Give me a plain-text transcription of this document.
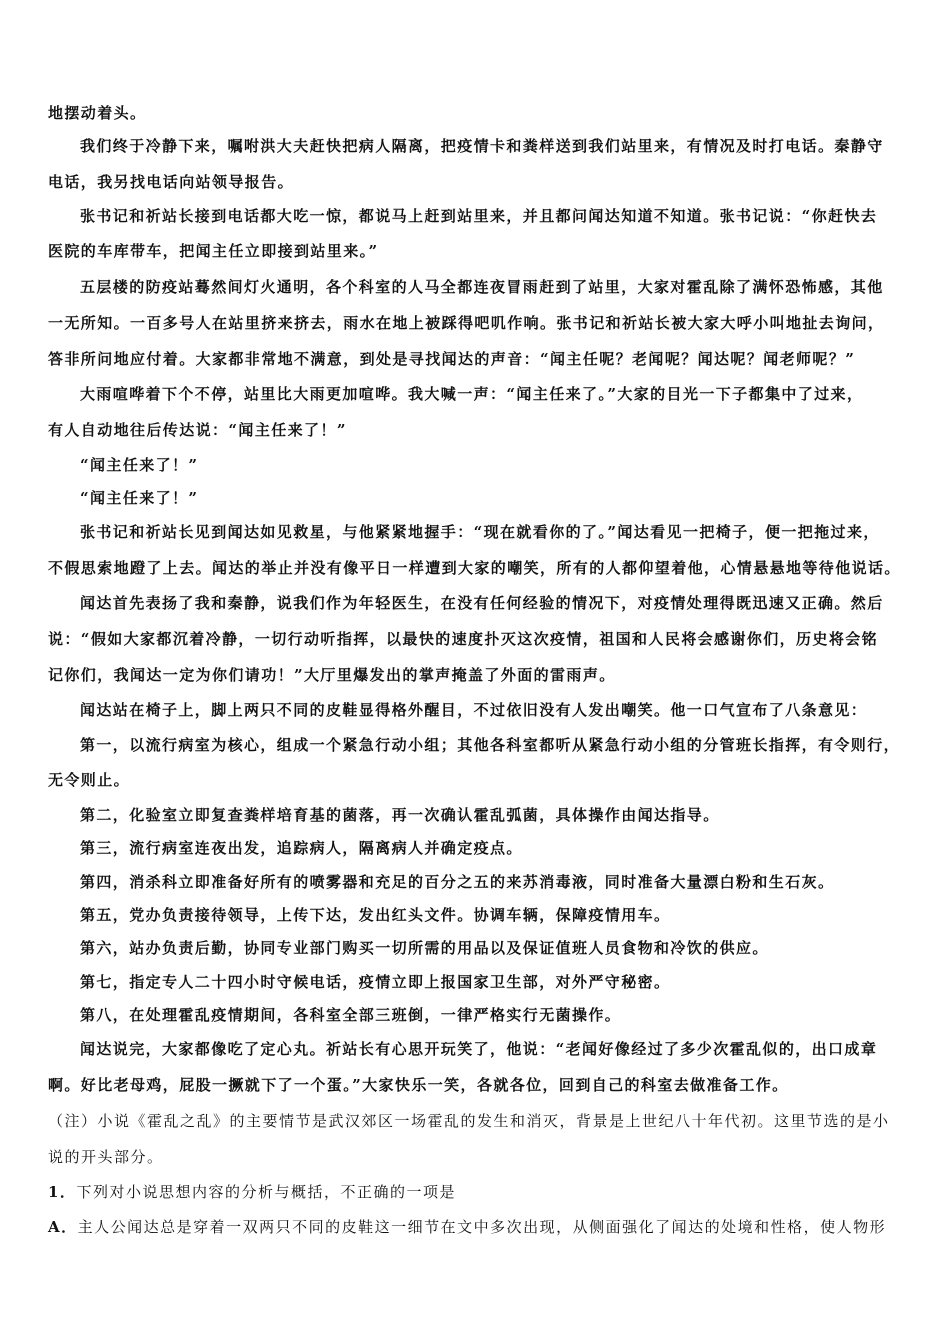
地摆动着头。
我们终于冷静下来，嘱咐洪大夫赶快把病人隔离，把疫情卡和粪样送到我们站里来，有情况及时打电话。秦静守
电话，我另找电话向站领导报告。
张书记和祈站长接到电话都大吃一惊，都说马上赶到站里来，并且都问闻达知道不知道。张书记说：“你赶快去
医院的车库带车，把闻主任立即接到站里来。”
五层楼的防疫站蓦然间灯火通明，各个科室的人马全都连夜冒雨赶到了站里，大家对霍乱除了满怀恐怖感，其他
一无所知。一百多号人在站里挤来挤去，雨水在地上被踩得吧叽作响。张书记和祈站长被大家大呼小叫地扯去询问，
答非所问地应付着。大家都非常地不满意，到处是寻找闻达的声音：“闻主任呢？老闻呢？闻达呢？闻老师呢？”
大雨喧哗着下个不停，站里比大雨更加喧哗。我大喊一声：“闻主任来了。”大家的目光一下子都集中了过来，
有人自动地往后传达说：“闻主任来了！”
“闻主任来了！”
“闻主任来了！”
张书记和祈站长见到闻达如见救星，与他紧紧地握手：“现在就看你的了。”闻达看见一把椅子，便一把拖过来，
不假思索地蹬了上去。闻达的举止并没有像平日一样遭到大家的嘲笑，所有的人都仰望着他，心情悬悬地等待他说话。
闻达首先表扬了我和秦静，说我们作为年轻医生，在没有任何经验的情况下，对疫情处理得既迅速又正确。然后
说：“假如大家都沉着冷静，一切行动听指挥，以最快的速度扑灭这次疫情，祖国和人民将会感谢你们，历史将会铭
记你们，我闻达一定为你们请功！”大厅里爆发出的掌声掩盖了外面的雷雨声。
闻达站在椅子上，脚上两只不同的皮鞋显得格外醒目，不过依旧没有人发出嘲笑。他一口气宣布了八条意见：
第一，以流行病室为核心，组成一个紧急行动小组；其他各科室都听从紧急行动小组的分管班长指挥，有令则行，
无令则止。
第二，化验室立即复查粪样培育基的菌落，再一次确认霍乱弧菌，具体操作由闻达指导。
第三，流行病室连夜出发，追踪病人，隔离病人并确定疫点。
第四，消杀科立即准备好所有的喷雾器和充足的百分之五的来苏消毒液，同时准备大量漂白粉和生石灰。
第五，党办负责接待领导，上传下达，发出红头文件。协调车辆，保障疫情用车。
第六，站办负责后勤，协同专业部门购买一切所需的用品以及保证值班人员食物和冷饮的供应。
第七，指定专人二十四小时守候电话，疫情立即上报国家卫生部，对外严守秘密。
第八，在处理霍乱疫情期间，各科室全部三班倒，一律严格实行无菌操作。
闻达说完，大家都像吃了定心丸。祈站长有心思开玩笑了，他说：“老闻好像经过了多少次霍乱似的，出口成章
啊。好比老母鸡，屁股一撅就下了一个蛋。”大家快乐一笑，各就各位，回到自己的科室去做准备工作。
（注）小说《霍乱之乱》的主要情节是武汉郊区一场霍乱的发生和消灭，背景是上世纪八十年代初。这里节选的是小
说的开头部分。
1．下列对小说思想内容的分析与概括，不正确的一项是
A．主人公闻达总是穿着一双两只不同的皮鞋这一细节在文中多次出现，从侧面强化了闻达的处境和性格，使人物形
